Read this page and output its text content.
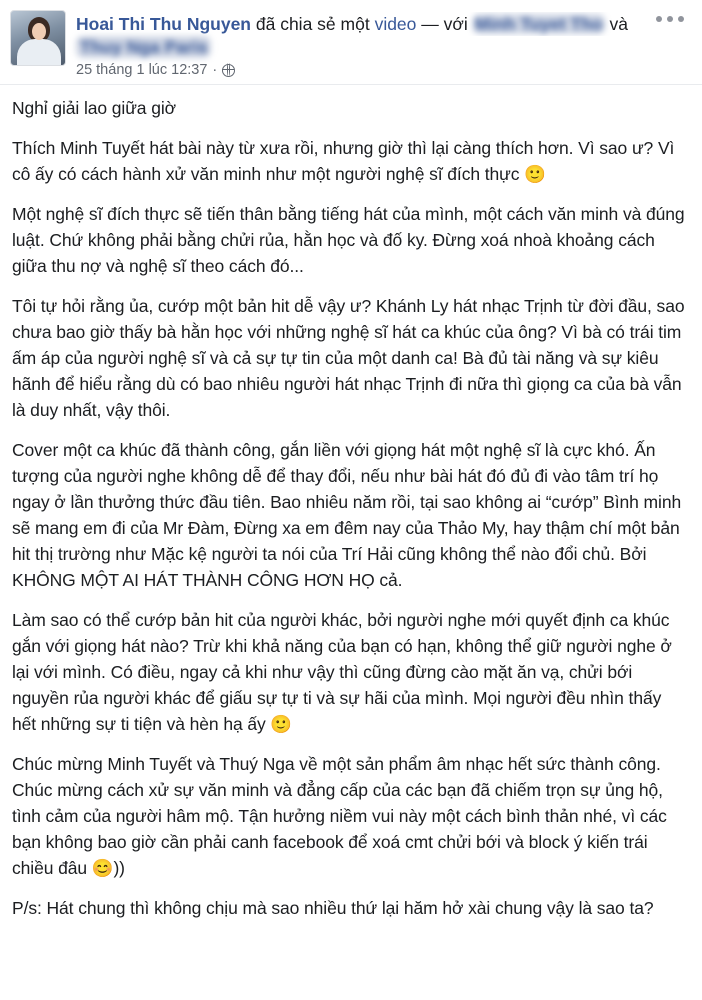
Hoai Thi Thu Nguyen đã chia sẻ một video — với Minh Tuyet Tho và
Thuy Nga Paris
25 tháng 1 lúc 12:37 ·

Nghỉ giải lao giữa giờ

Thích Minh Tuyết hát bài này từ xưa rồi, nhưng giờ thì lại càng thích hơn. Vì sao ư? Vì cô ấy có cách hành xử văn minh như một người nghệ sĩ đích thực 🙂

Một nghệ sĩ đích thực sẽ tiến thân bằng tiếng hát của mình, một cách văn minh và đúng luật. Chứ không phải bằng chửi rủa, hằn học và đố ky. Đừng xoá nhoà khoảng cách giữa thu nợ và nghệ sĩ theo cách đó...

Tôi tự hỏi rằng ủa, cướp một bản hit dễ vậy ư? Khánh Ly hát nhạc Trịnh từ đời đầu, sao chưa bao giờ thấy bà hằn học với những nghệ sĩ hát ca khúc của ông? Vì bà có trái tim ấm áp của người nghệ sĩ và cả sự tự tin của một danh ca! Bà đủ tài năng và sự kiêu hãnh để hiểu rằng dù có bao nhiêu người hát nhạc Trịnh đi nữa thì giọng ca của bà vẫn là duy nhất, vậy thôi.

Cover một ca khúc đã thành công, gắn liền với giọng hát một nghệ sĩ là cực khó. Ấn tượng của người nghe không dễ để thay đổi, nếu như bài hát đó đủ đi vào tâm trí họ ngay ở lần thưởng thức đầu tiên. Bao nhiêu năm rồi, tại sao không ai “cướp” Bình minh sẽ mang em đi của Mr Đàm, Đừng xa em đêm nay của Thảo My, hay thậm chí một bản hit thị trường như Mặc kệ người ta nói của Trí Hải cũng không thể nào đổi chủ. Bởi KHÔNG MỘT AI HÁT THÀNH CÔNG HƠN HỌ cả.

Làm sao có thể cướp bản hit của người khác, bởi người nghe mới quyết định ca khúc gắn với giọng hát nào? Trừ khi khả năng của bạn có hạn, không thể giữ người nghe ở lại với mình. Có điều, ngay cả khi như vậy thì cũng đừng cào mặt ăn vạ, chửi bới nguyền rủa người khác để giấu sự tự ti và sự hãi của mình. Mọi người đều nhìn thấy hết những sự ti tiện và hèn hạ ấy 🙂

Chúc mừng Minh Tuyết và Thuý Nga về một sản phẩm âm nhạc hết sức thành công. Chúc mừng cách xử sự văn minh và đẳng cấp của các bạn đã chiếm trọn sự ủng hộ, tình cảm của người hâm mộ. Tận hưởng niềm vui này một cách bình thản nhé, vì các bạn không bao giờ cần phải canh facebook để xoá cmt chửi bới và block ý kiến trái chiều đâu 😊))

P/s: Hát chung thì không chịu mà sao nhiều thứ lại hăm hở xài chung vậy là sao ta?
